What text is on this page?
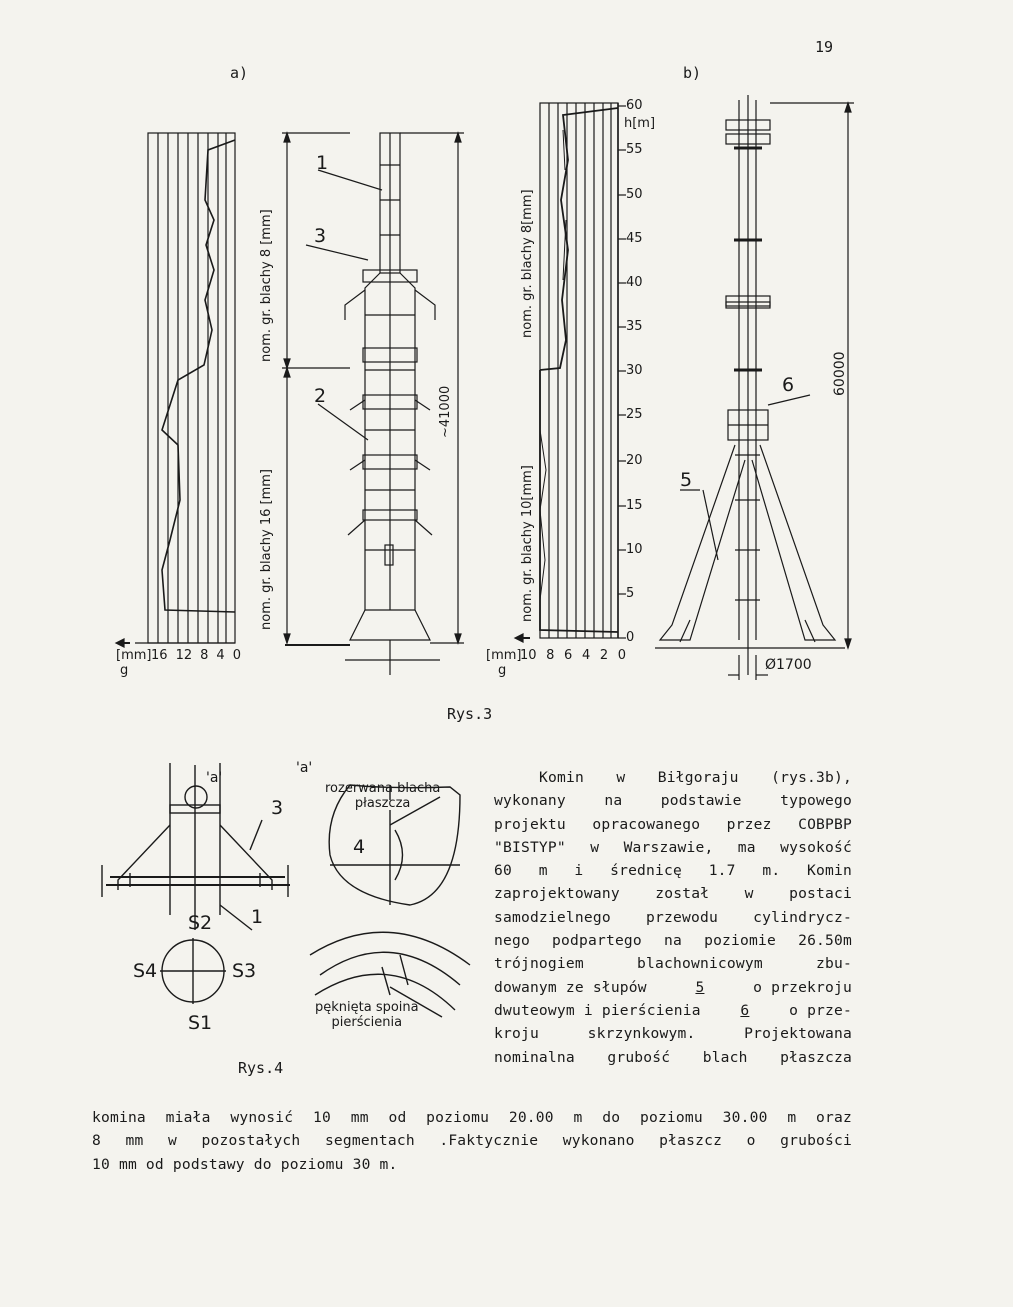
19
a)	b)
[mm] 16 12 8 4 0
g
nom. gr. blachy 8 [mm]
nom. gr. blachy 16 [mm]
1
3
2	~41000
[mm]
10 8 6 4 2 0
g
nom. gr. blachy 8[mm]
nom. gr. blachy 10[mm]
h[m]
60
55
50
45
40
35
30
25
20
15
10
5
0
5
6	60000
Ø1700
Rys.3
'a'
'a'
3
1
4
S2
S4	S3
S1
rozerwana blacha
płaszcza
pęknięta spoina
pierścienia
Rys.4

Komin w Biłgoraju (rys.3b),

wykonany na podstawie typowego

projektu opracowanego przez COBPBP

"BISTYP" w Warszawie, ma wysokość

60 m i średnicę 1.7 m. Komin

zaprojektowany został w postaci

samodzielnego przewodu cylindrycz-

nego podpartego na poziomie 26.50m

trójnogiem blachownicowym zbu-

dowanym ze słupów	5	o przekroju

dwuteowym i pierścienia	6	o prze-

kroju skrzynkowym. Projektowana

nominalna grubość blach płaszcza

komina miała wynosić 10 mm od poziomu 20.00 m do poziomu 30.00 m oraz

8 mm w pozostałych segmentach .Faktycznie wykonano płaszcz o grubości

10 mm od podstawy do poziomu 30 m.
